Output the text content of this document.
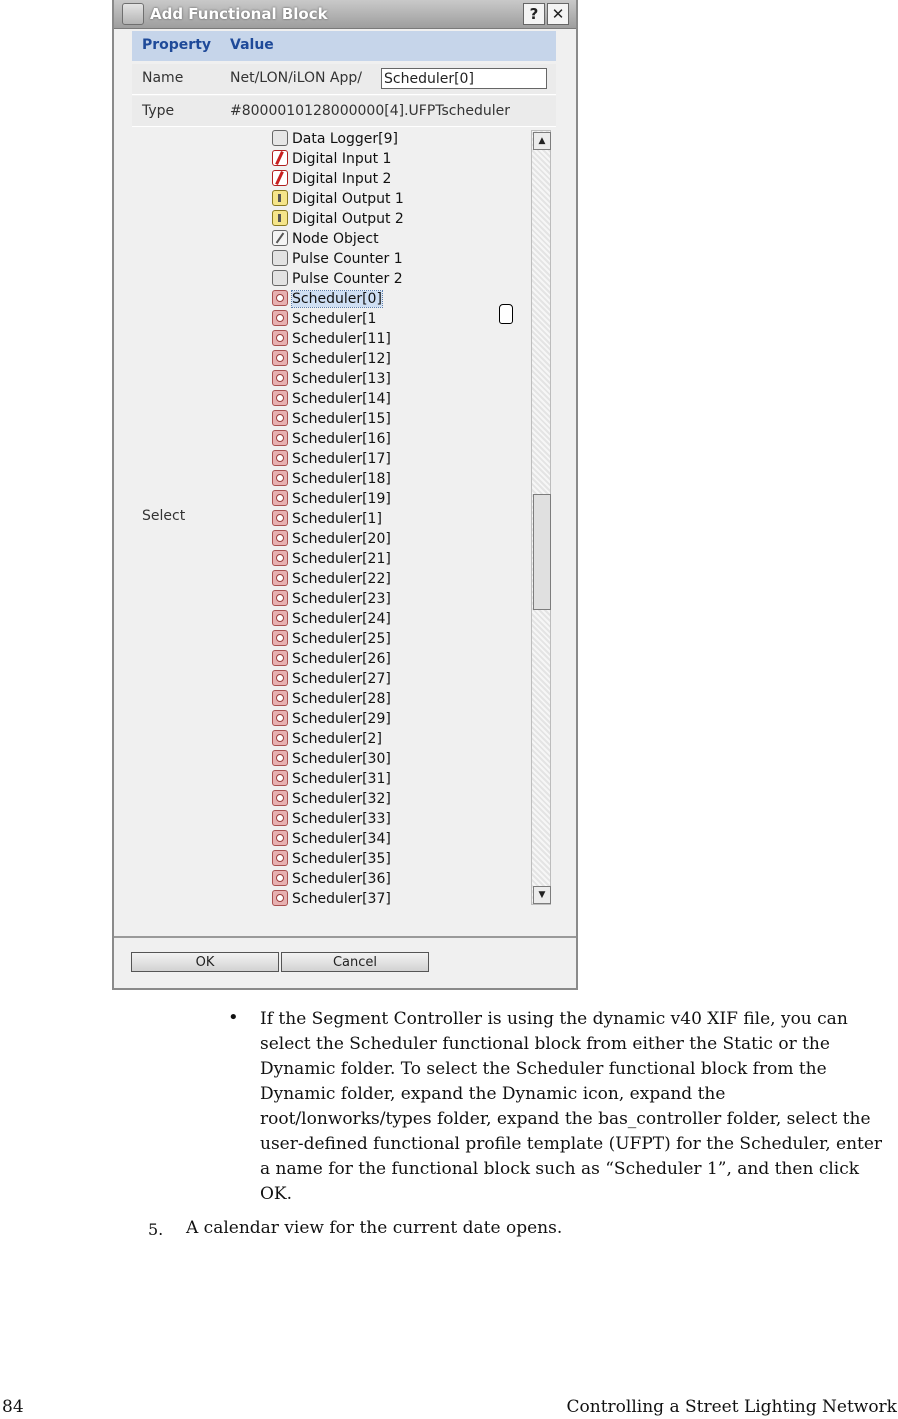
Add Functional Block	? ✕
Property Value
Name	Net/LON/iLON App/
Scheduler[0]
Type	#8000010128000000[4].UFPTscheduler
Select
Data Logger[9]
Digital Input 1
Digital Input 2
Digital Output 1
Digital Output 2
Node Object
Pulse Counter 1
Pulse Counter 2
Scheduler[0]
Scheduler[1
Scheduler[11]
Scheduler[12]
Scheduler[13]
Scheduler[14]
Scheduler[15]
Scheduler[16]
Scheduler[17]
Scheduler[18]
Scheduler[19]
Scheduler[1]
Scheduler[20]
Scheduler[21]
Scheduler[22]
Scheduler[23]
Scheduler[24]
Scheduler[25]
Scheduler[26]
Scheduler[27]
Scheduler[28]
Scheduler[29]
Scheduler[2]
Scheduler[30]
Scheduler[31]
Scheduler[32]
Scheduler[33]
Scheduler[34]
Scheduler[35]
Scheduler[36]
Scheduler[37]
▲
▼
OK	Cancel
• If the Segment Controller is using the dynamic v40 XIF file, you can select the Scheduler functional block from either the Static or the Dynamic folder. To select the Scheduler functional block from the Dynamic folder, expand the Dynamic icon, expand the root/lonworks/types folder, expand the bas_controller folder, select the user-defined functional profile template (UFPT) for the Scheduler, enter a name for the functional block such as “Scheduler 1”, and then click OK.
5. A calendar view for the current date opens.
84	Controlling a Street Lighting Network
